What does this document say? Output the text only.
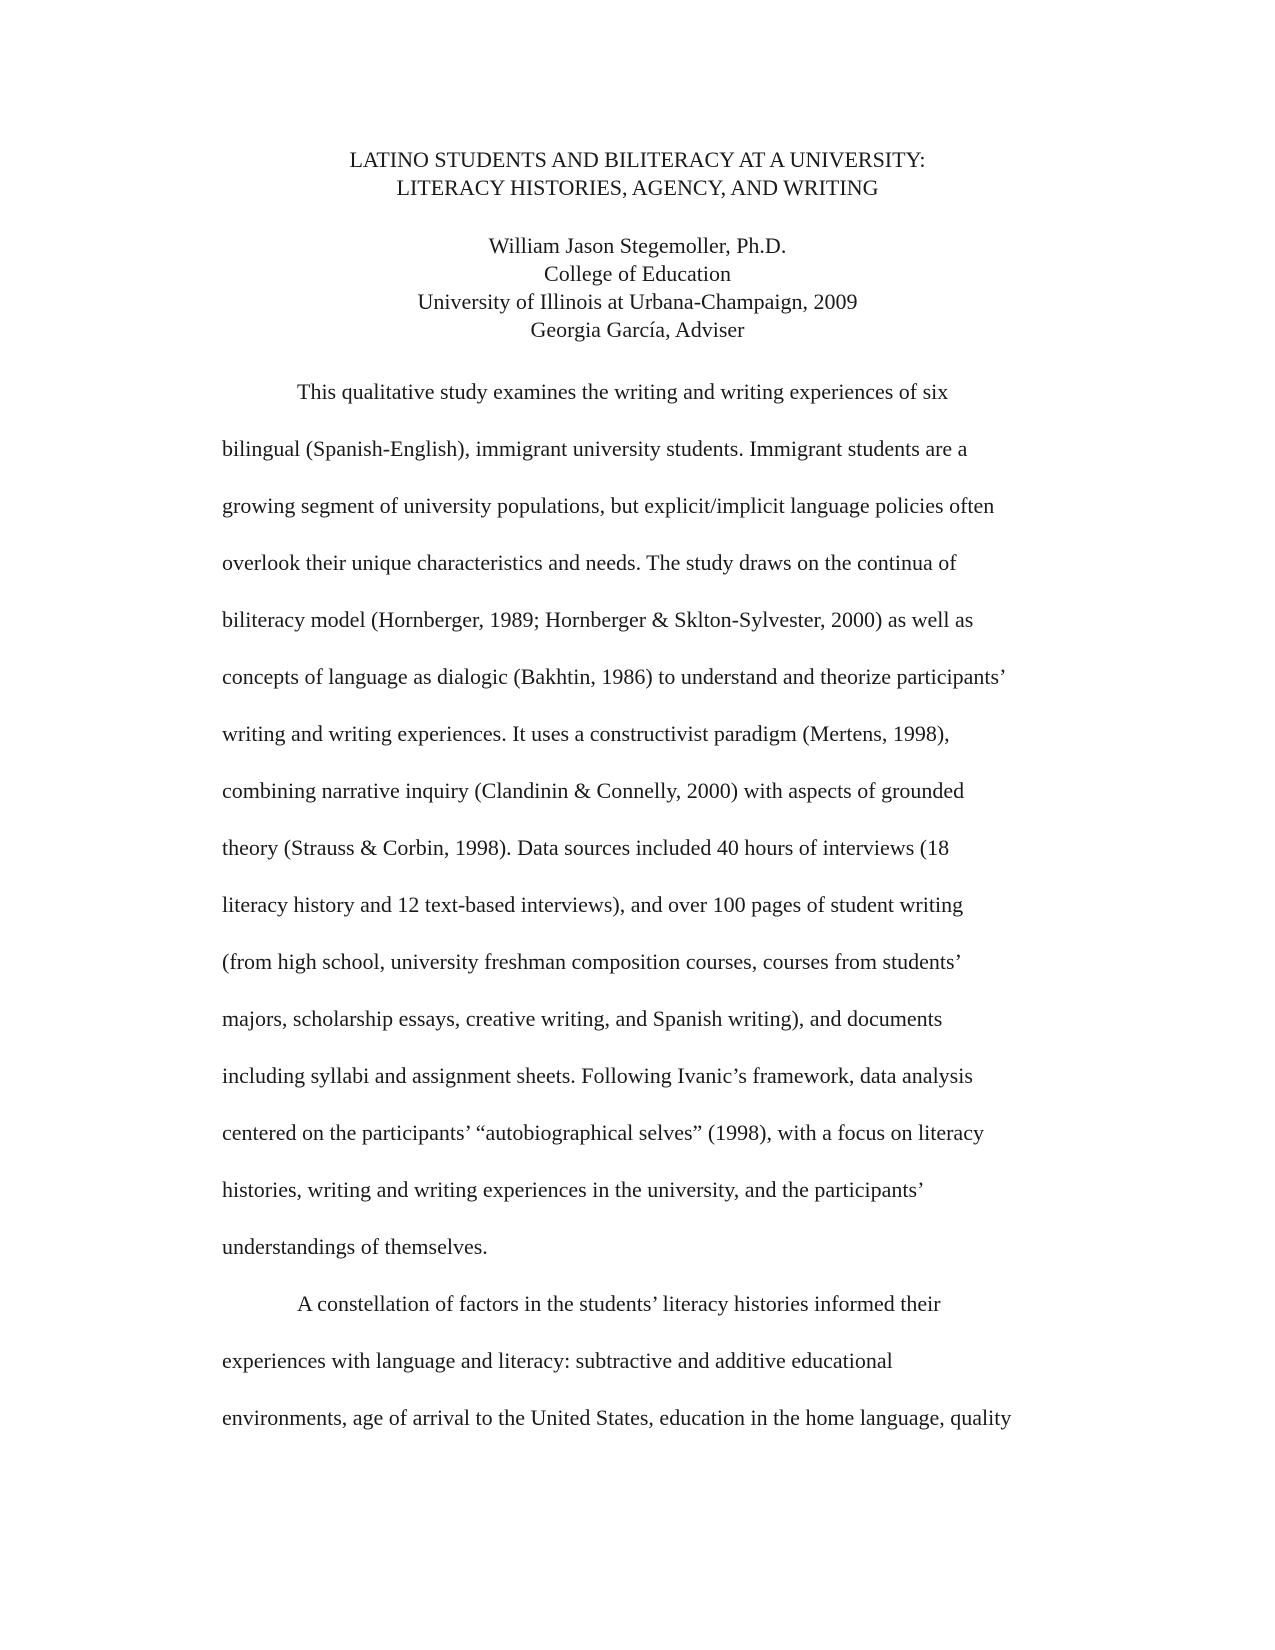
LATINO STUDENTS AND BILITERACY AT A UNIVERSITY:
LITERACY HISTORIES, AGENCY, AND WRITING
William Jason Stegemoller, Ph.D.
College of Education
University of Illinois at Urbana-Champaign, 2009
Georgia García, Adviser
This qualitative study examines the writing and writing experiences of six
bilingual (Spanish-English), immigrant university students. Immigrant students are a
growing segment of university populations, but explicit/implicit language policies often
overlook their unique characteristics and needs. The study draws on the continua of
biliteracy model (Hornberger, 1989; Hornberger & Sklton-Sylvester, 2000) as well as
concepts of language as dialogic (Bakhtin, 1986) to understand and theorize participants’
writing and writing experiences. It uses a constructivist paradigm (Mertens, 1998),
combining narrative inquiry (Clandinin & Connelly, 2000) with aspects of grounded
theory (Strauss & Corbin, 1998). Data sources included 40 hours of interviews (18
literacy history and 12 text-based interviews), and over 100 pages of student writing
(from high school, university freshman composition courses, courses from students’
majors, scholarship essays, creative writing, and Spanish writing), and documents
including syllabi and assignment sheets. Following Ivanic’s framework, data analysis
centered on the participants’ “autobiographical selves” (1998), with a focus on literacy
histories, writing and writing experiences in the university, and the participants’
understandings of themselves.
A constellation of factors in the students’ literacy histories informed their
experiences with language and literacy: subtractive and additive educational
environments, age of arrival to the United States, education in the home language, quality
